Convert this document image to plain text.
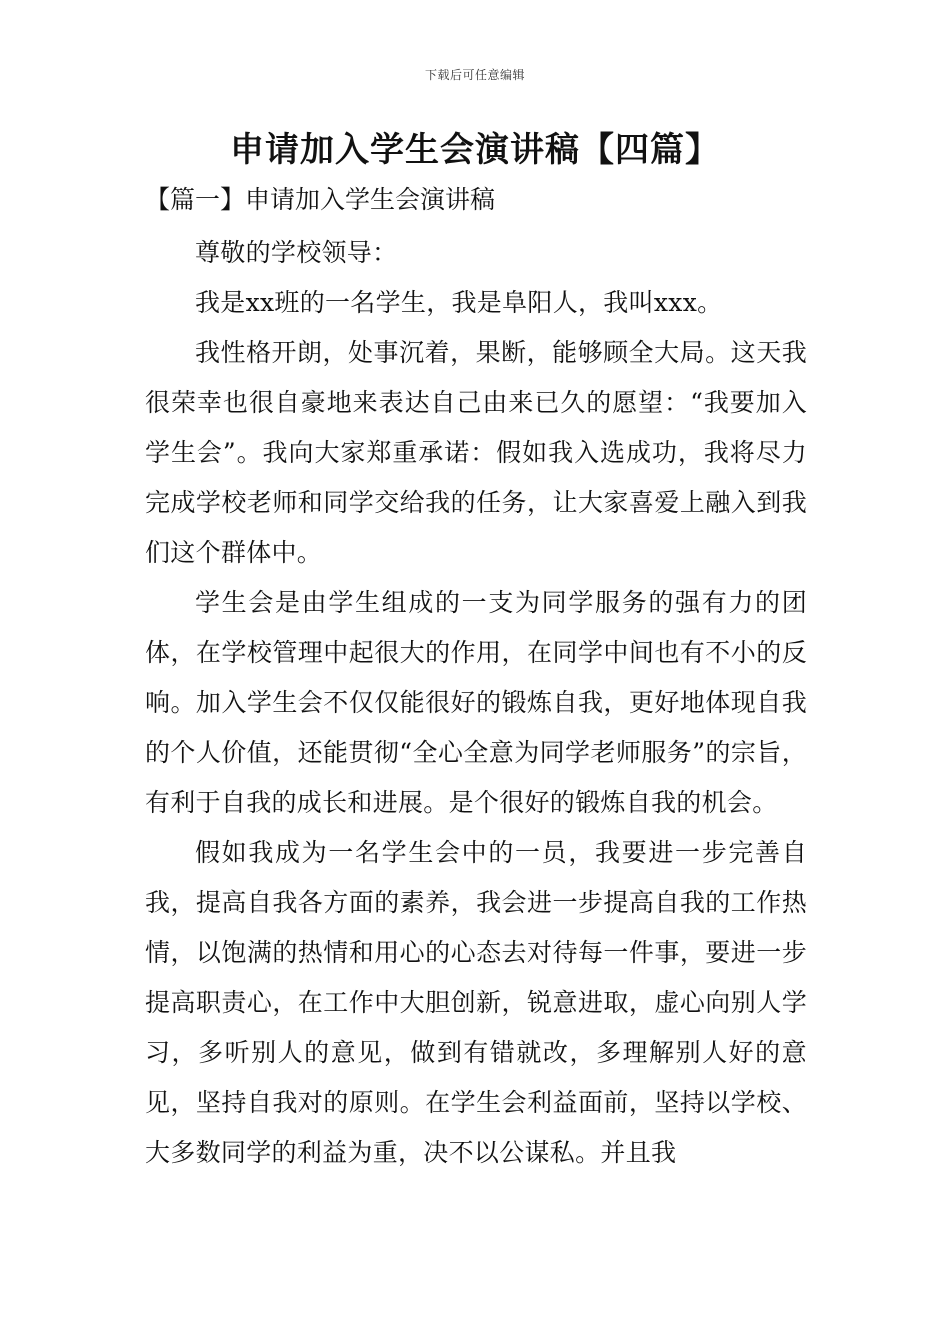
下载后可任意编辑
申请加入学生会演讲稿【四篇】
【篇一】申请加入学生会演讲稿

尊敬的学校领导：

我是xx班的一名学生，我是阜阳人，我叫xxx。

我性格开朗，处事沉着，果断，能够顾全大局。这天我很荣幸也很自豪地来表达自己由来已久的愿望：“我要加入学生会”。我向大家郑重承诺：假如我入选成功，我将尽力完成学校老师和同学交给我的任务，让大家喜爱上融入到我们这个群体中。

学生会是由学生组成的一支为同学服务的强有力的团体，在学校管理中起很大的作用，在同学中间也有不小的反响。加入学生会不仅仅能很好的锻炼自我，更好地体现自我的个人价值，还能贯彻“全心全意为同学老师服务”的宗旨，有利于自我的成长和进展。是个很好的锻炼自我的机会。

假如我成为一名学生会中的一员，我要进一步完善自我，提高自我各方面的素养，我会进一步提高自我的工作热情，以饱满的热情和用心的心态去对待每一件事，要进一步提高职责心，在工作中大胆创新，锐意进取，虚心向别人学习，多听别人的意见，做到有错就改，多理解别人好的意见，坚持自我对的原则。在学生会利益面前，坚持以学校、大多数同学的利益为重，决不以公谋私。并且我
